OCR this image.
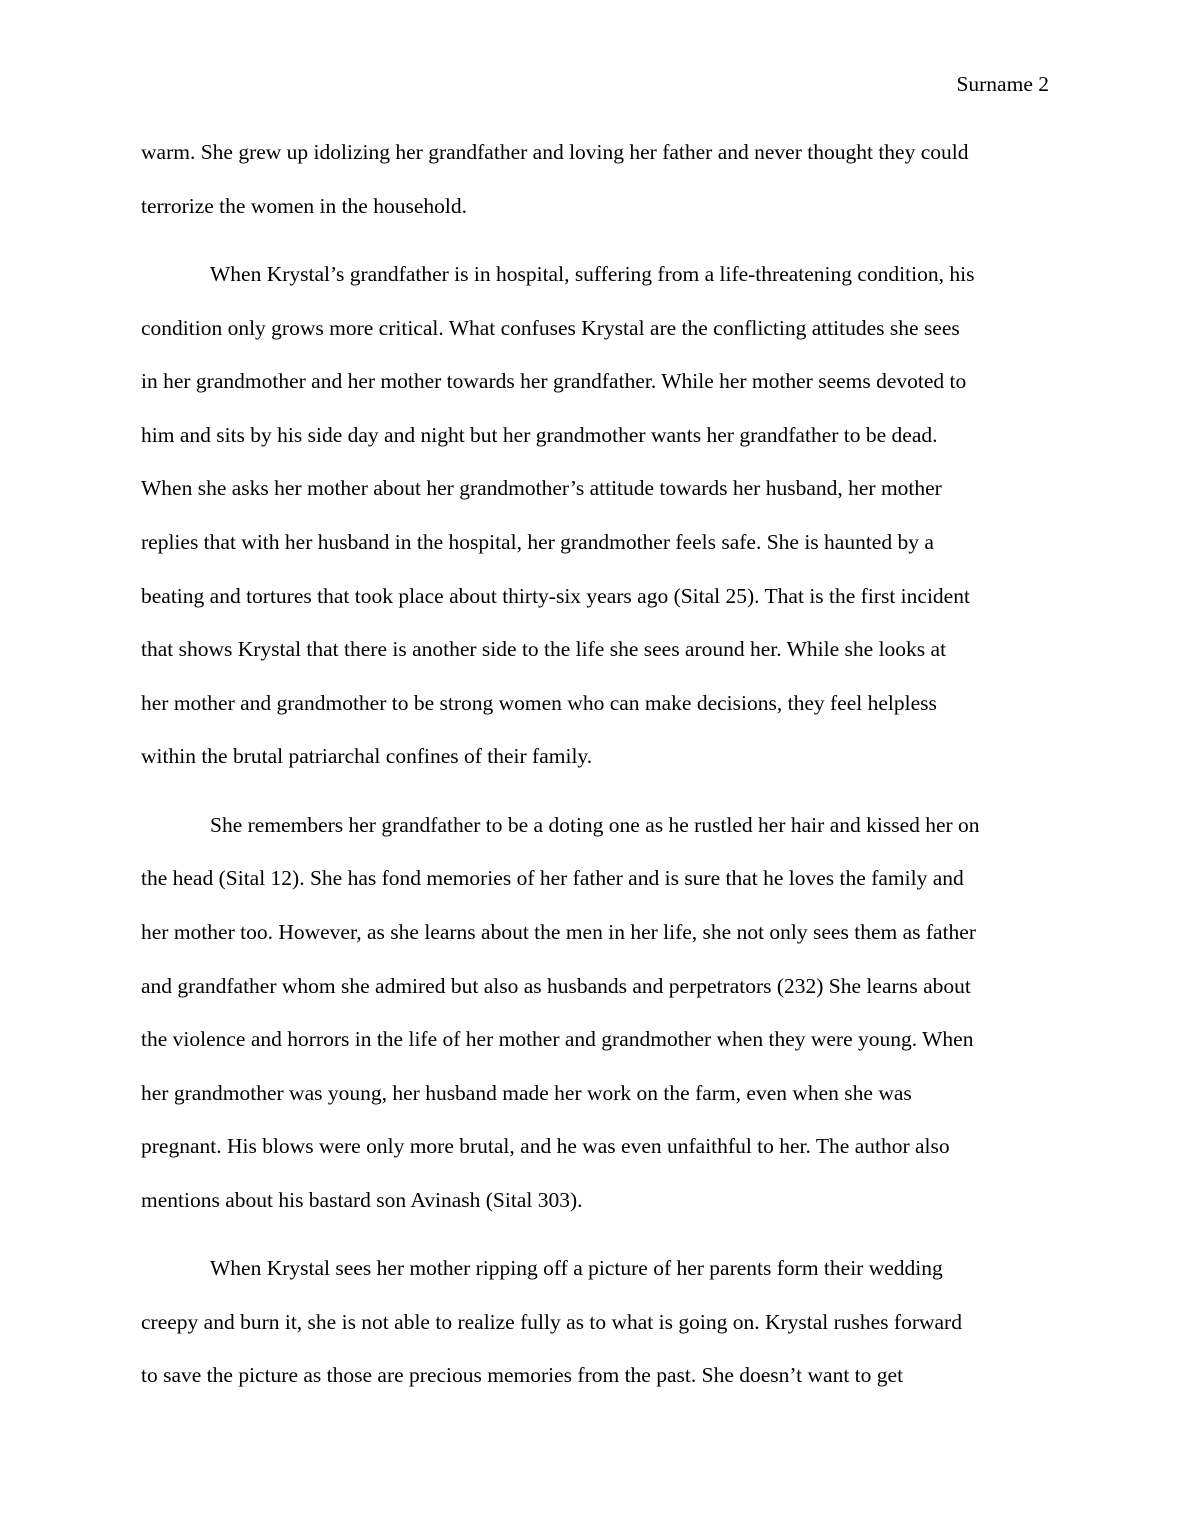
Surname 2
warm. She grew up idolizing her grandfather and loving her father and never thought they could
terrorize the women in the household.
When Krystal’s grandfather is in hospital, suffering from a life-threatening condition, his
condition only grows more critical. What confuses Krystal are the conflicting attitudes she sees
in her grandmother and her mother towards her grandfather. While her mother seems devoted to
him and sits by his side day and night but her grandmother wants her grandfather to be dead.
When she asks her mother about her grandmother’s attitude towards her husband, her mother
replies that with her husband in the hospital, her grandmother feels safe. She is haunted by a
beating and tortures that took place about thirty-six years ago (Sital 25). That is the first incident
that shows Krystal that there is another side to the life she sees around her. While she looks at
her mother and grandmother to be strong women who can make decisions, they feel helpless
within the brutal patriarchal confines of their family.
She remembers her grandfather to be a doting one as he rustled her hair and kissed her on
the head (Sital 12). She has fond memories of her father and is sure that he loves the family and
her mother too. However, as she learns about the men in her life, she not only sees them as father
and grandfather whom she admired but also as husbands and perpetrators (232) She learns about
the violence and horrors in the life of her mother and grandmother when they were young. When
her grandmother was young, her husband made her work on the farm, even when she was
pregnant. His blows were only more brutal, and he was even unfaithful to her. The author also
mentions about his bastard son Avinash (Sital 303).
When Krystal sees her mother ripping off a picture of her parents form their wedding
creepy and burn it, she is not able to realize fully as to what is going on. Krystal rushes forward
to save the picture as those are precious memories from the past. She doesn’t want to get
